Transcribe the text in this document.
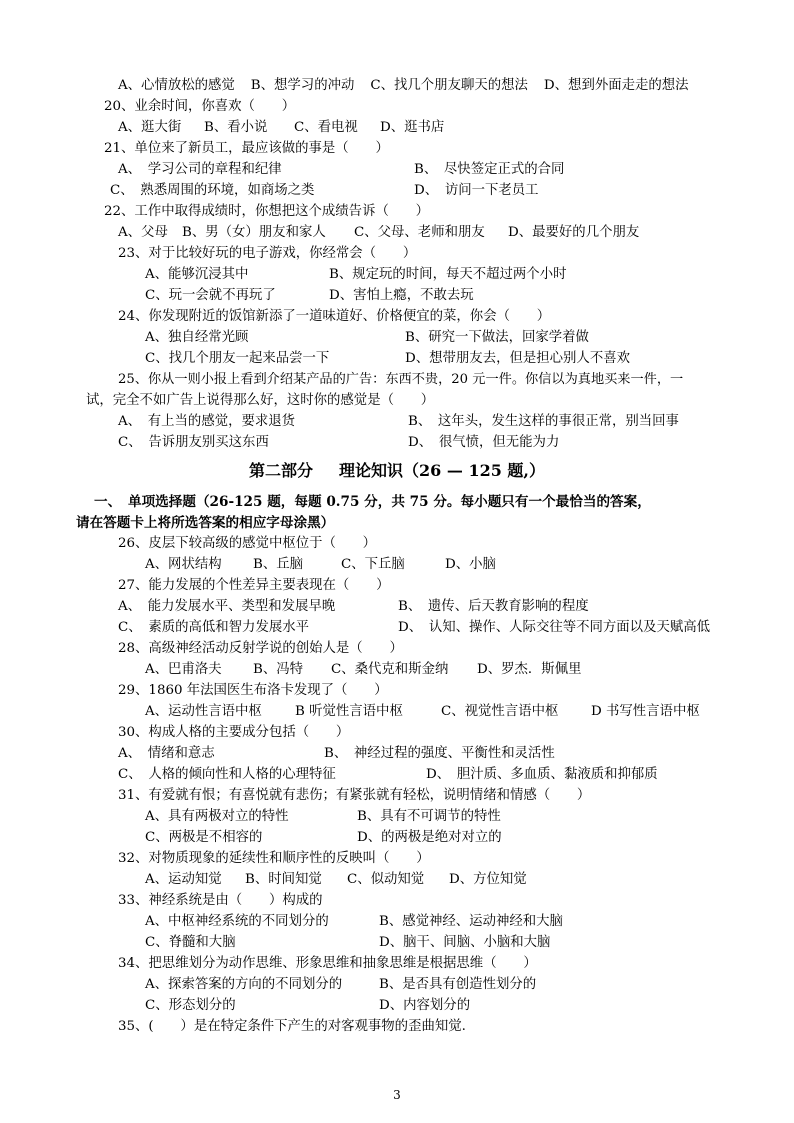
A、心情放松的感觉 B、想学习的冲动 C、找几个朋友聊天的想法 D、想到外面走走的想法
20、业余时间，你喜欢（　　）
A、逛大街 B、看小说 C、看电视 D、逛书店
21、单位来了新员工，最应该做的事是（　　）
A、　学习公司的章程和纪律	B、　尽快签定正式的合同
C、　熟悉周围的环境，如商场之类	D、　访问一下老员工
22、工作中取得成绩时，你想把这个成绩告诉（　　）
A、父母 B、男（女）朋友和家人 C、父母、老师和朋友 D、最要好的几个朋友
23、对于比较好玩的电子游戏，你经常会（　　）
A、能够沉浸其中	B、规定玩的时间，每天不超过两个小时
C、玩一会就不再玩了	D、害怕上瘾，不敢去玩
24、你发现附近的饭馆新添了一道味道好、价格便宜的菜，你会（　　）
A、独自经常光顾	B、研究一下做法，回家学着做
C、找几个朋友一起来品尝一下	D、想带朋友去，但是担心别人不喜欢
25、你从一则小报上看到介绍某产品的广告：东西不贵，20 元一件。你信以为真地买来一件，一
试，完全不如广告上说得那么好，这时你的感觉是（　　）
A、　有上当的感觉，要求退货	B、　这年头，发生这样的事很正常，别当回事
C、　告诉朋友别买这东西	D、　很气愤，但无能为力
第二部分 理论知识（26 — 125 题,）
一、　单项选择题（26-125 题，每题 0.75 分，共 75 分。每小题只有一个最恰当的答案，
请在答题卡上将所选答案的相应字母涂黑）
26、皮层下较高级的感觉中枢位于（　　）
A、网状结构 B、丘脑	C、下丘脑	D、小脑
27、能力发展的个性差异主要表现在（　　）
A、　能力发展水平、类型和发展早晚	B、　遗传、后天教育影响的程度
C、　素质的高低和智力发展水平	D、　认知、操作、人际交往等不同方面以及天赋高低
28、高级神经活动反射学说的创始人是（　　）
A、巴甫洛夫 B、冯特 C、桑代克和斯金纳 D、罗杰．斯佩里
29、1860 年法国医生布洛卡发现了（　　）
A、运动性言语中枢 B 听觉性言语中枢	C、视觉性言语中枢 D 书写性言语中枢
30、构成人格的主要成分包括（　　）
A、　情绪和意志	B、　神经过程的强度、平衡性和灵活性
C、　人格的倾向性和人格的心理特征	D、　胆汁质、多血质、黏液质和抑郁质
31、有爱就有恨；有喜悦就有悲伤；有紧张就有轻松，说明情绪和情感（　　）
A、具有两极对立的特性	B、具有不可调节的特性
C、两极是不相容的	D、的两极是绝对对立的
32、对物质现象的延续性和顺序性的反映叫（　　）
A、运动知觉 B、时间知觉 C、似动知觉 D、方位知觉
33、神经系统是由（　　）构成的
A、中枢神经系统的不同划分的	B、感觉神经、运动神经和大脑
C、脊髓和大脑	D、脑干、间脑、小脑和大脑
34、把思维划分为动作思维、形象思维和抽象思维是根据思维（　　）
A、探索答案的方向的不同划分的	B、是否具有创造性划分的
C、形态划分的	D、内容划分的
35、(　　）是在特定条件下产生的对客观事物的歪曲知觉.
3
